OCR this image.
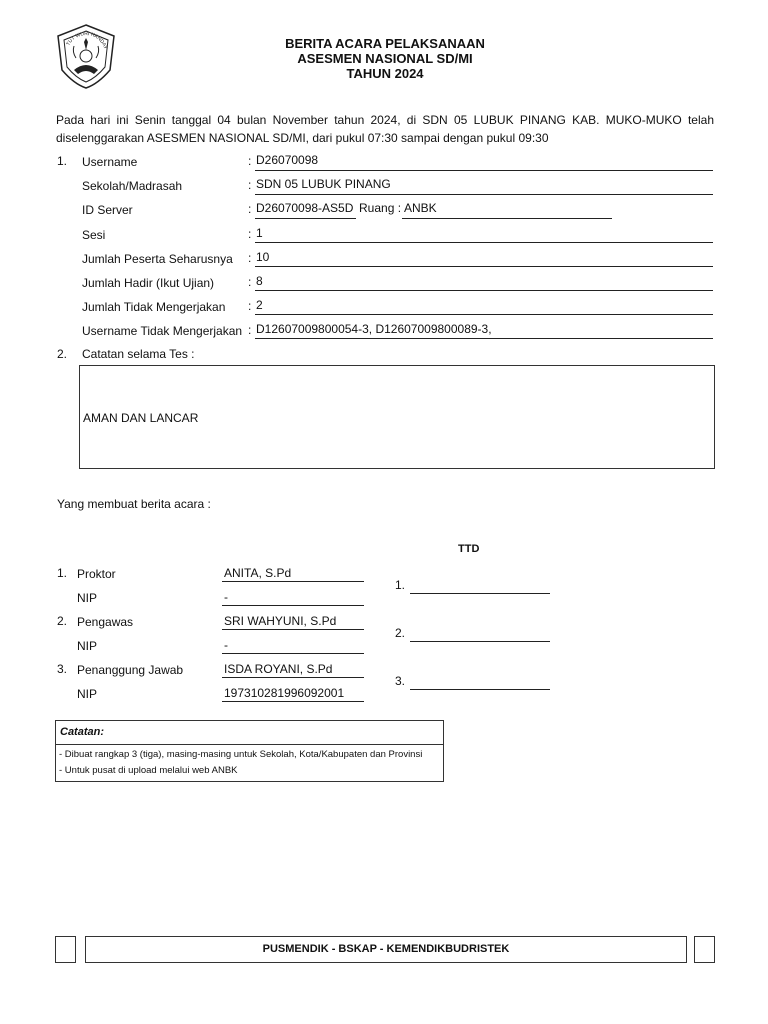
TUT WURI HANDAY	BERITA ACARA PELAKSANAAN
ASESMEN NASIONAL SD/MI
TAHUN 2024
Pada hari ini Senin tanggal 04 bulan November tahun 2024, di SDN 05 LUBUK PINANG KAB. MUKO-MUKO telah
diselenggarakan ASESMEN NASIONAL SD/MI, dari pukul 07:30 sampai dengan pukul 09:30
1. Username	: D26070098
Sekolah/Madrasah	: SDN 05 LUBUK PINANG
ID Server	: D26070098-AS5D Ruang : ANBK
Sesi	: 1
Jumlah Peserta Seharusnya : 10
Jumlah Hadir (Ikut Ujian)	: 8
Jumlah Tidak Mengerjakan : 2
Username Tidak Mengerjakan : D12607009800054-3, D12607009800089-3,
2. Catatan selama Tes :
AMAN DAN LANCAR
Yang membuat berita acara :
TTD
1. Proktor	ANITA, S.Pd
NIP	-
1.
2. Pengawas	SRI WAHYUNI, S.Pd
NIP	-
2.
3. Penanggung Jawab	ISDA ROYANI, S.Pd
NIP	197310281996092001
3.
Catatan:
- Dibuat rangkap 3 (tiga), masing-masing untuk Sekolah, Kota/Kabupaten dan Provinsi
- Untuk pusat di upload melalui web ANBK
PUSMENDIK - BSKAP - KEMENDIKBUDRISTEK
